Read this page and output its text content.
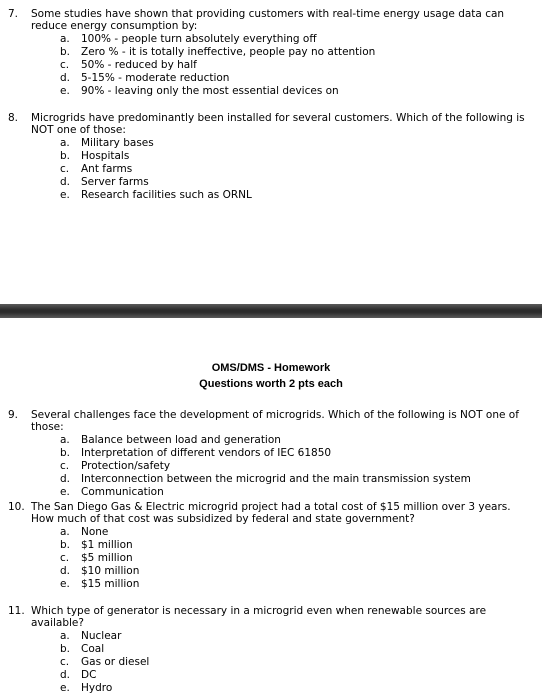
7. Some studies have shown that providing customers with real-time energy usage data can reduce energy consumption by:
a. 100% - people turn absolutely everything off
b. Zero % - it is totally ineffective, people pay no attention
c. 50% - reduced by half
d. 5-15% - moderate reduction
e. 90% - leaving only the most essential devices on
8. Microgrids have predominantly been installed for several customers. Which of the following is NOT one of those:
a. Military bases
b. Hospitals
c. Ant farms
d. Server farms
e. Research facilities such as ORNL
OMS/DMS - Homework
Questions worth 2 pts each
9. Several challenges face the development of microgrids. Which of the following is NOT one of those:
a. Balance between load and generation
b. Interpretation of different vendors of IEC 61850
c. Protection/safety
d. Interconnection between the microgrid and the main transmission system
e. Communication
10. The San Diego Gas & Electric microgrid project had a total cost of $15 million over 3 years. How much of that cost was subsidized by federal and state government?
a. None
b. $1 million
c. $5 million
d. $10 million
e. $15 million
11. Which type of generator is necessary in a microgrid even when renewable sources are available?
a. Nuclear
b. Coal
c. Gas or diesel
d. DC
e. Hydro
